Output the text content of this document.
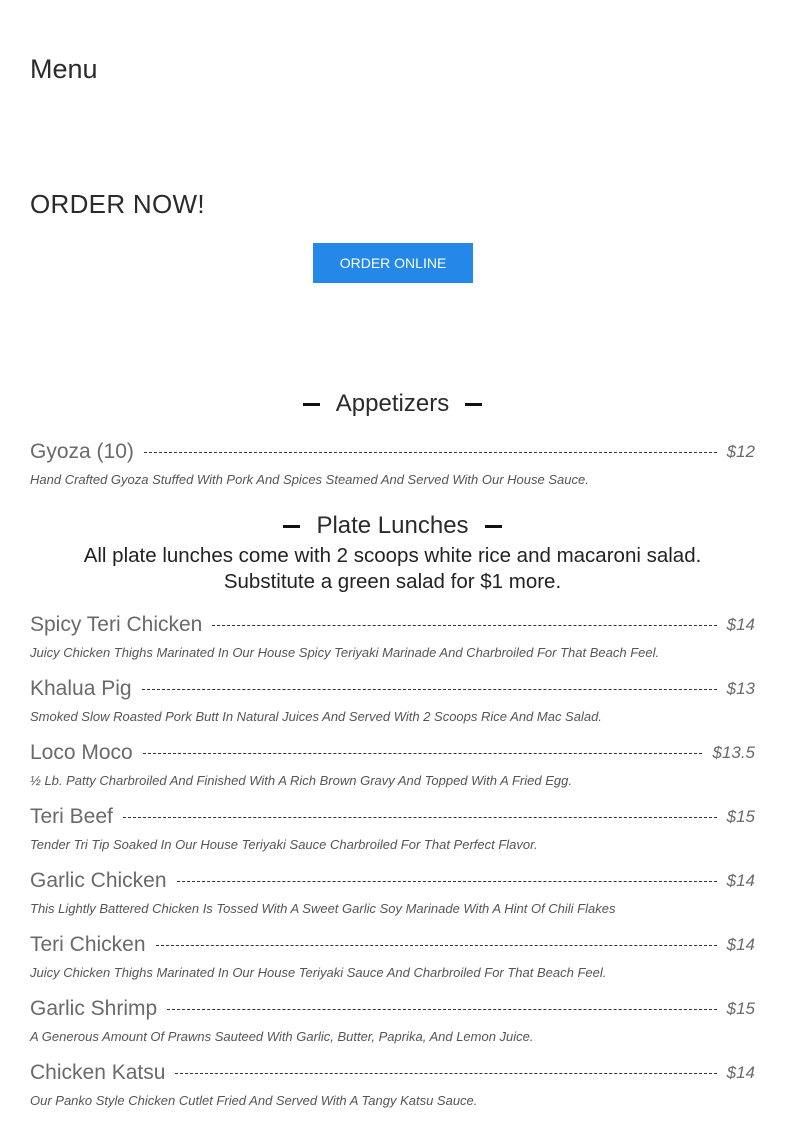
Menu
ORDER NOW!
ORDER ONLINE
Appetizers
Gyoza (10)	$12
Hand Crafted Gyoza Stuffed With Pork And Spices Steamed And Served With Our House Sauce.
Plate Lunches
All plate lunches come with 2 scoops white rice and macaroni salad.
Substitute a green salad for $1 more.
Spicy Teri Chicken	$14
Juicy Chicken Thighs Marinated In Our House Spicy Teriyaki Marinade And Charbroiled For That Beach Feel.
Khalua Pig	$13
Smoked Slow Roasted Pork Butt In Natural Juices And Served With 2 Scoops Rice And Mac Salad.
Loco Moco	$13.5
½ Lb. Patty Charbroiled And Finished With A Rich Brown Gravy And Topped With A Fried Egg.
Teri Beef	$15
Tender Tri Tip Soaked In Our House Teriyaki Sauce Charbroiled For That Perfect Flavor.
Garlic Chicken	$14
This Lightly Battered Chicken Is Tossed With A Sweet Garlic Soy Marinade With A Hint Of Chili Flakes
Teri Chicken	$14
Juicy Chicken Thighs Marinated In Our House Teriyaki Sauce And Charbroiled For That Beach Feel.
Garlic Shrimp	$15
A Generous Amount Of Prawns Sauteed With Garlic, Butter, Paprika, And Lemon Juice.
Chicken Katsu	$14
Our Panko Style Chicken Cutlet Fried And Served With A Tangy Katsu Sauce.
